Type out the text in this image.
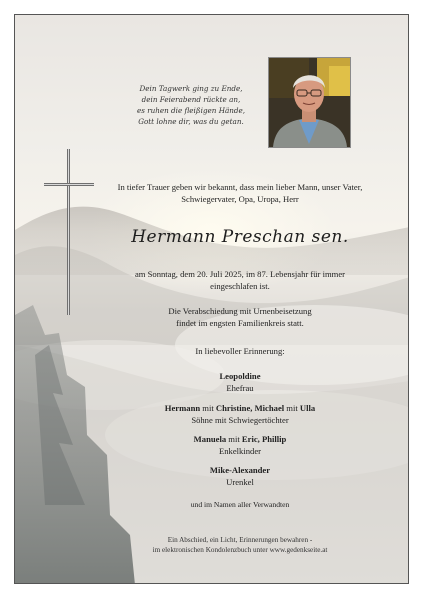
Dein Tagwerk ging zu Ende,
dein Feierabend rückte an,
es ruhen die fleißigen Hände,
Gott lohne dir, was du getan.
In tiefer Trauer geben wir bekannt, dass mein lieber Mann, unser Vater,
Schwiegervater, Opa, Uropa, Herr
Hermann Preschan sen.
am Sonntag, dem 20. Juli 2025, im 87. Lebensjahr für immer
eingeschlafen ist.
Die Verabschiedung mit Urnenbeisetzung
findet im engsten Familienkreis statt.
In liebevoller Erinnerung:
Leopoldine
Ehefrau
Hermann mit Christine, Michael mit Ulla
Söhne mit Schwiegertöchter
Manuela mit Eric, Phillip
Enkelkinder
Mike-Alexander
Urenkel
und im Namen aller Verwandten
Ein Abschied, ein Licht, Erinnerungen bewahren -
im elektronischen Kondolenzbuch unter www.gedenkseite.at
